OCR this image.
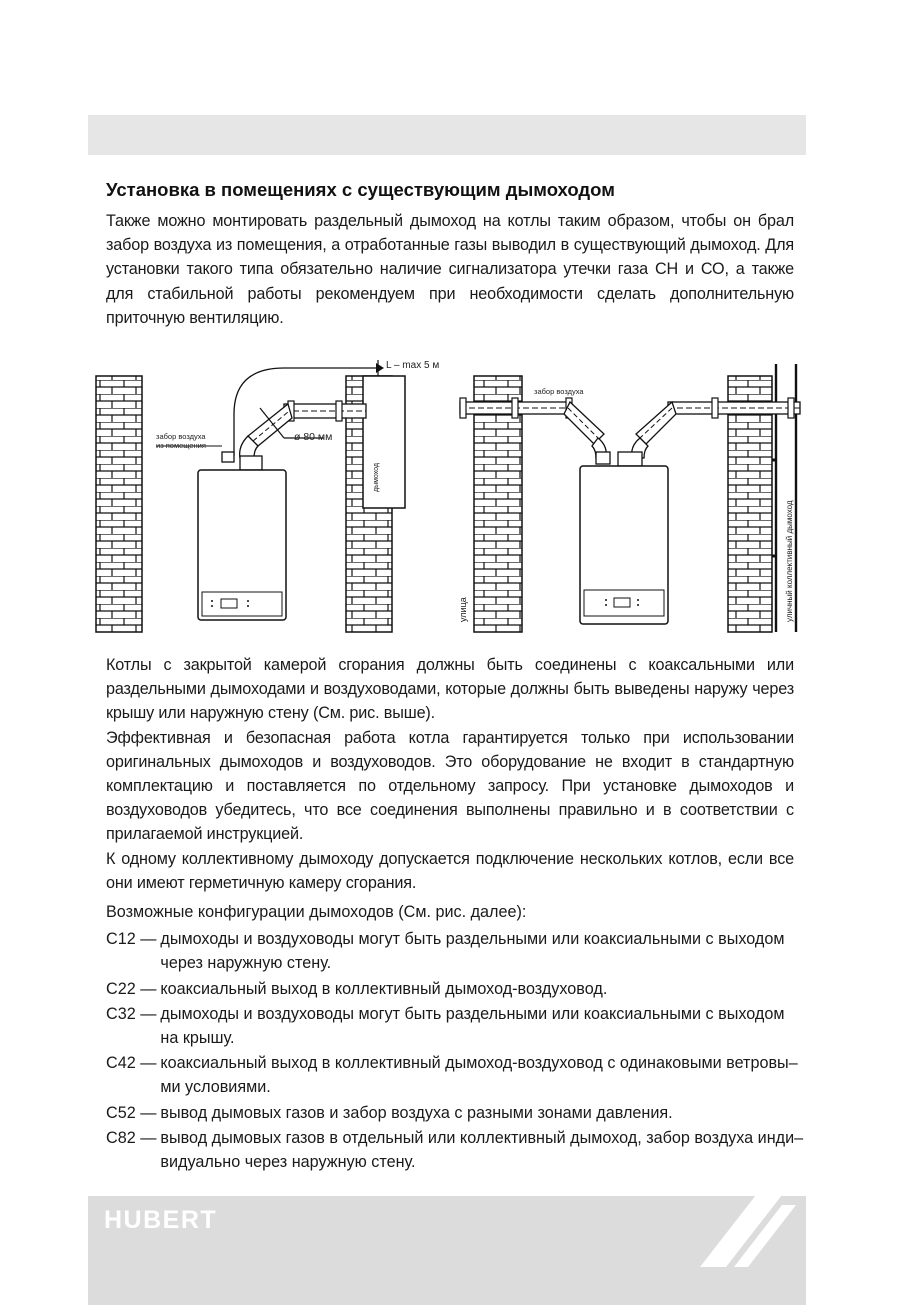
Установка в помещениях с существующим дымоходом

Также можно монтировать раздельный дымоход на котлы таким образом, чтобы он брал забор воздуха из помещения, а отработанные газы выводил в существующий дымоход. Для установки такого типа обязательно наличие сигнализатора утечки газа СН и СО, а также для стабильной работы рекомендуем при необходимости сделать дополнительную приточную вентиляцию.

L – max 5 м
ø 80 мм
забор воздуха
из помещения
дымоход
забор воздуха
улица	уличный коллективный дымоход

Котлы с закрытой камерой сгорания должны быть соединены с коаксальными или раздельными дымоходами и воздуховодами, которые должны быть выведены наружу через крышу или наружную стену (См. рис. выше).

Эффективная и безопасная работа котла гарантируется только при использовании оригинальных дымоходов и воздуховодов. Это оборудование не входит в стандартную комплектацию и поставляется по отдельному запросу. При установке дымоходов и воздуховодов убедитесь, что все соединения выполнены правильно и в соответствии с прилагаемой инструкцией.

К одному коллективному дымоходу допускается подключение нескольких котлов, если все они имеют герметичную камеру сгорания.

Возможные конфигурации дымоходов (См. рис. далее):

С12 — дымоходы и воздуховоды могут быть раздельными или коаксиальными с выходом через наружную стену.
С22 — коаксиальный выход в коллективный дымоход-воздуховод.
С32 — дымоходы и воздуховоды могут быть раздельными или коаксиальными с выходом на крышу.
С42 — коаксиальный выход в коллективный дымоход-воздуховод с одинаковыми ветровы– ми условиями.
С52 — вывод дымовых газов и забор воздуха с разными зонами давления.
С82 — вывод дымовых газов в отдельный или коллективный дымоход, забор воздуха инди– видуально через наружную стену.
HUBERT
